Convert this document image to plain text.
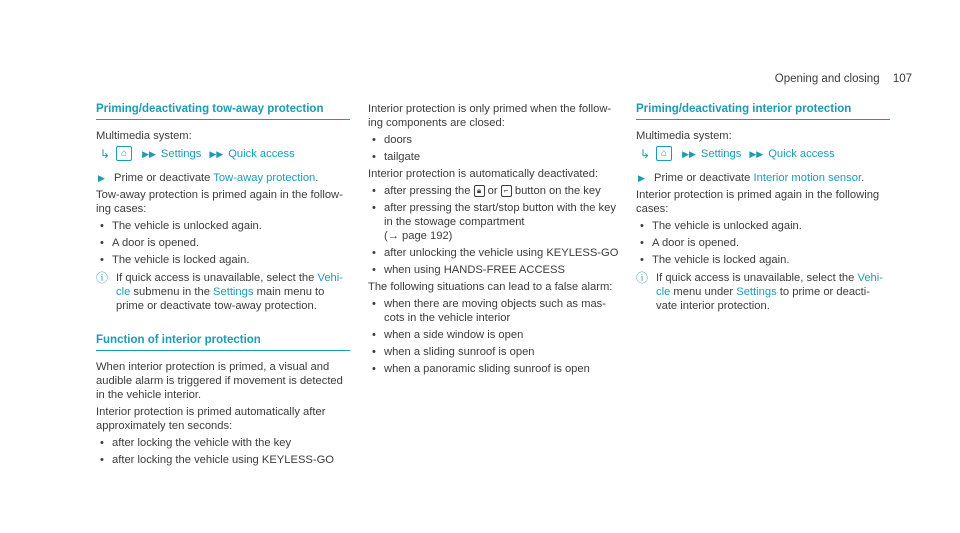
Opening and closing 107
Priming/deactivating tow-away protection
Multimedia system:
↳	⌂	▶▶ Settings ▶▶ Quick access
▶ Prime or deactivate Tow-away protection.
Tow-away protection is primed again in the follow-ing cases:
•
The vehicle is unlocked again.
•
A door is opened.
•
The vehicle is locked again.
ⓘ If quick access is unavailable, select the Vehi-cle submenu in the Settings main menu to prime or deactivate tow-away protection.
Function of interior protection
When interior protection is primed, a visual and audible alarm is triggered if movement is detected in the vehicle interior.
Interior protection is primed automatically after approximately ten seconds:
•
after locking the vehicle with the key
•
after locking the vehicle using KEYLESS-GO
Interior protection is only primed when the follow-ing components are closed:
•
doors
•
tailgate
Interior protection is automatically deactivated:
•
after pressing the 🔒︎ or ⌐ button on the key
•
after pressing the start/stop button with the key in the stowage compartment
(→ page 192)
•
after unlocking the vehicle using KEYLESS-GO
•
when using HANDS-FREE ACCESS
The following situations can lead to a false alarm:
•
when there are moving objects such as mas-cots in the vehicle interior
•
when a side window is open
•
when a sliding sunroof is open
•
when a panoramic sliding sunroof is open
Priming/deactivating interior protection
Multimedia system:
↳	⌂	▶▶ Settings ▶▶ Quick access
▶ Prime or deactivate Interior motion sensor.
Interior protection is primed again in the following cases:
•
The vehicle is unlocked again.
•
A door is opened.
•
The vehicle is locked again.
ⓘ If quick access is unavailable, select the Vehi-cle menu under Settings to prime or deacti-vate interior protection.
